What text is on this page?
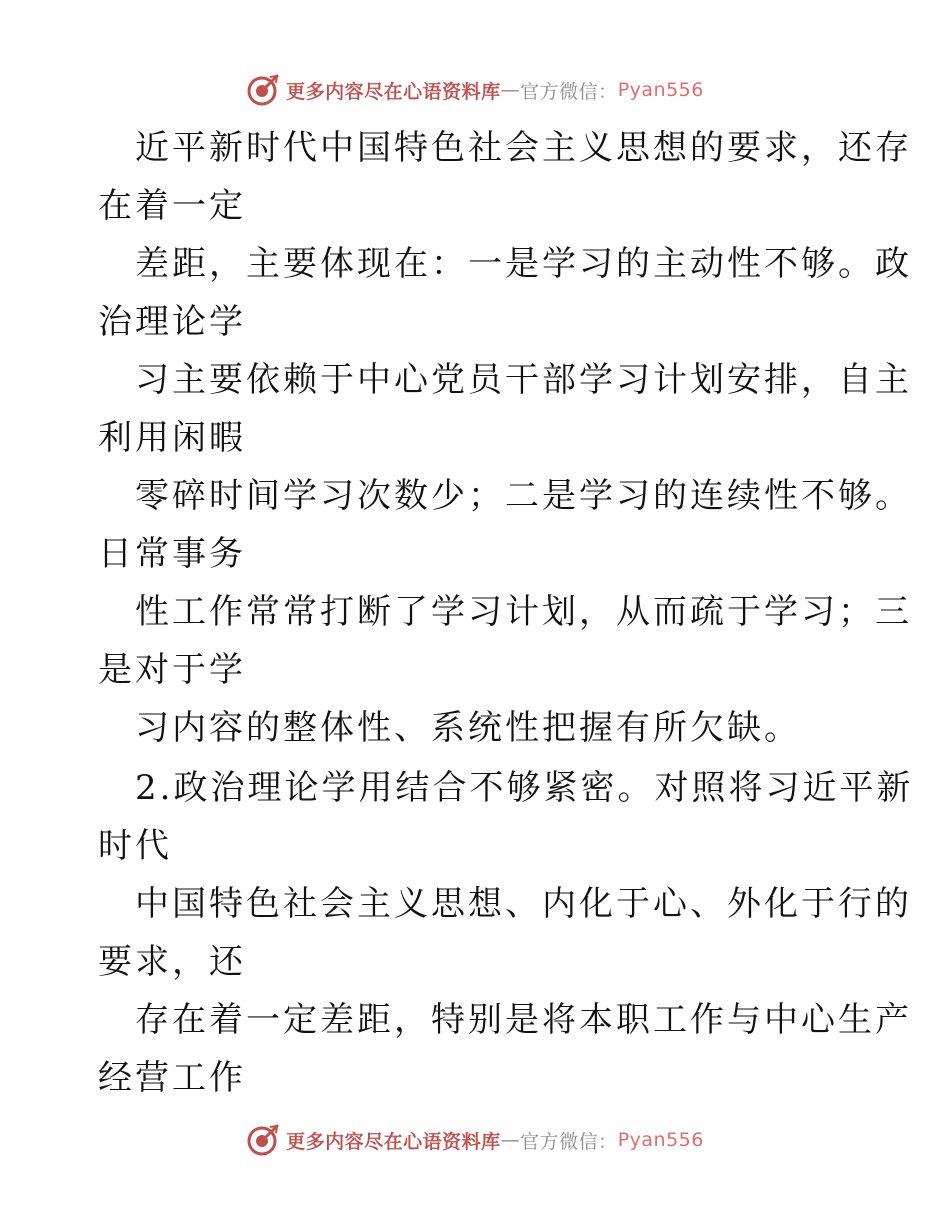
更多内容尽在心语资料库 — 官方微信： Pyan556
近平新时代中国特色社会主义思想的要求，还存
在着一定
差距，主要体现在：一是学习的主动性不够。政
治理论学
习主要依赖于中心党员干部学习计划安排，自主
利用闲暇
零碎时间学习次数少；二是学习的连续性不够。
日常事务
性工作常常打断了学习计划，从而疏于学习；三
是对于学
习内容的整体性、系统性把握有所欠缺。
2.政治理论学用结合不够紧密。对照将习近平新
时代
中国特色社会主义思想、内化于心、外化于行的
要求，还
存在着一定差距，特别是将本职工作与中心生产
经营工作
更多内容尽在心语资料库 — 官方微信： Pyan556
